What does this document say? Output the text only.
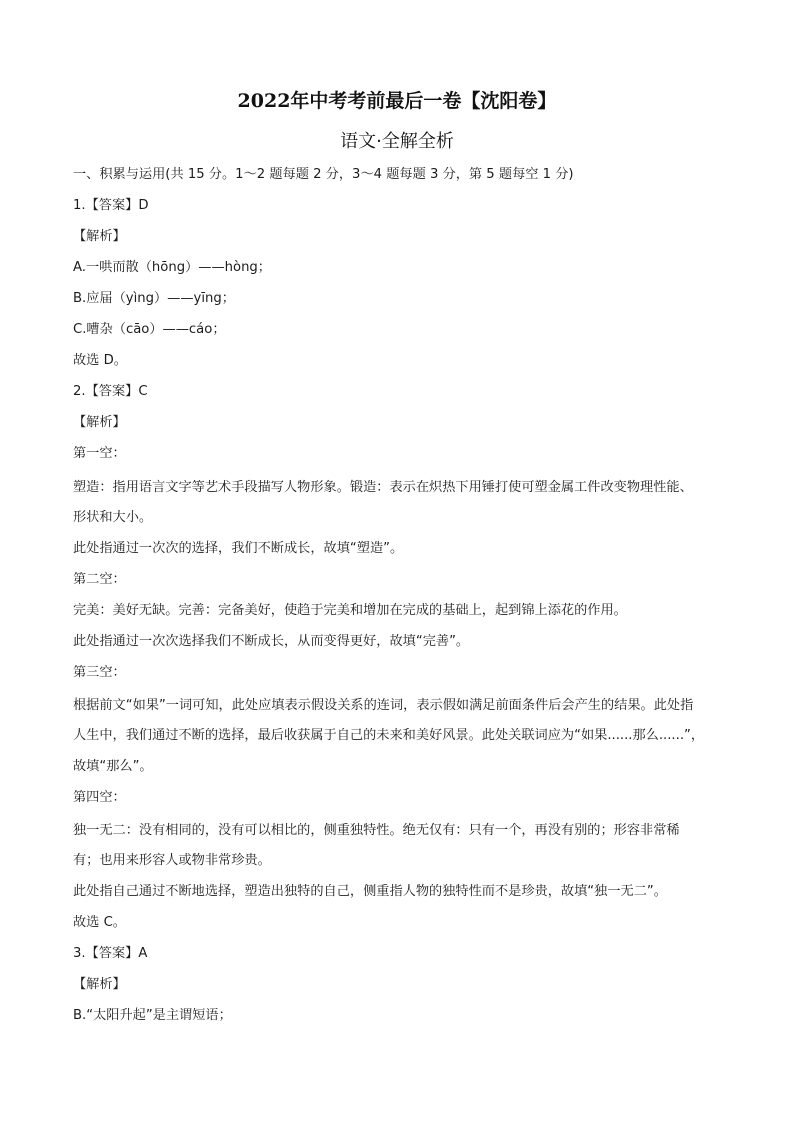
2022年中考考前最后一卷【沈阳卷】
语文·全解全析
一、积累与运用(共 15 分。1～2 题每题 2 分，3～4 题每题 3 分，第 5 题每空 1 分)
1.【答案】D
【解析】
A.一哄而散（hōng）——hòng；
B.应届（yìng）——yīng；
C.嘈杂（cāo）——cáo；
故选 D。
2.【答案】C
【解析】
第一空：
塑造：指用语言文字等艺术手段描写人物形象。锻造：表示在炽热下用锤打使可塑金属工件改变物理性能、
形状和大小。
此处指通过一次次的选择，我们不断成长，故填“塑造”。
第二空：
完美：美好无缺。完善：完备美好，使趋于完美和增加在完成的基础上，起到锦上添花的作用。
此处指通过一次次选择我们不断成长，从而变得更好，故填“完善”。
第三空：
根据前文“如果”一词可知，此处应填表示假设关系的连词，表示假如满足前面条件后会产生的结果。此处指
人生中，我们通过不断的选择，最后收获属于自己的未来和美好风景。此处关联词应为“如果......那么......”，
故填“那么”。
第四空：
独一无二：没有相同的，没有可以相比的，侧重独特性。绝无仅有：只有一个，再没有别的；形容非常稀
有；也用来形容人或物非常珍贵。
此处指自己通过不断地选择，塑造出独特的自己，侧重指人物的独特性而不是珍贵，故填“独一无二”。
故选 C。
3.【答案】A
【解析】
B.“太阳升起”是主谓短语；
